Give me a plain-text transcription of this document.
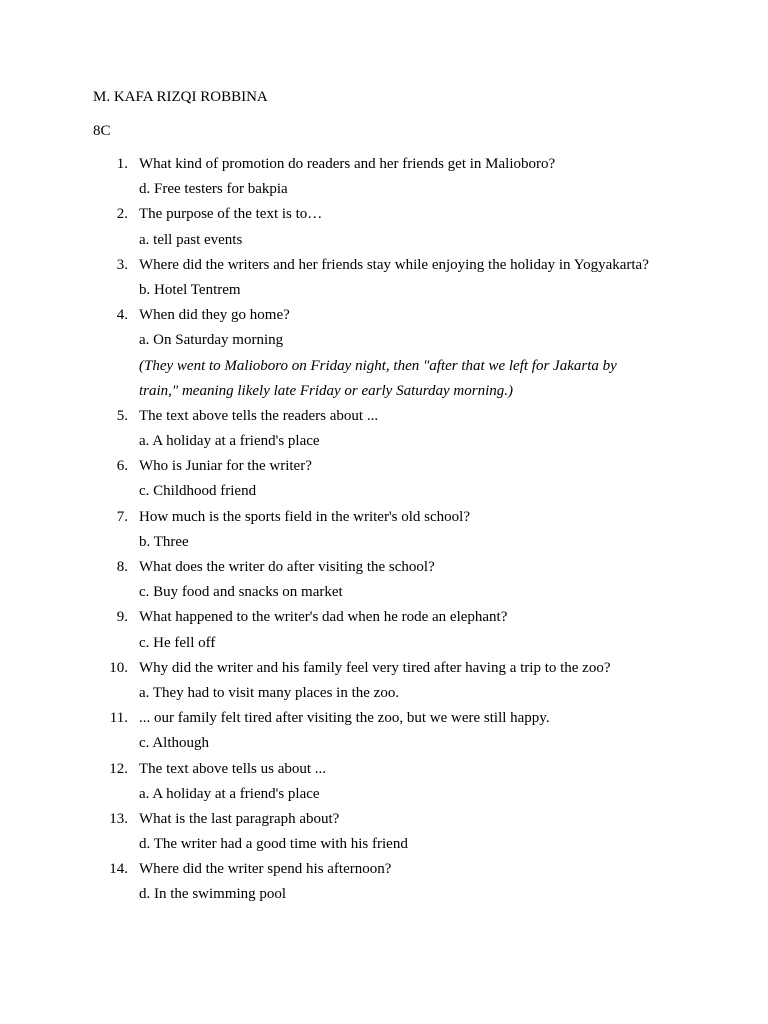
M. KAFA RIZQI ROBBINA
8C
1. What kind of promotion do readers and her friends get in Malioboro?
d. Free testers for bakpia
2. The purpose of the text is to…
a. tell past events
3. Where did the writers and her friends stay while enjoying the holiday in Yogyakarta?
b. Hotel Tentrem
4. When did they go home?
a. On Saturday morning
(They went to Malioboro on Friday night, then "after that we left for Jakarta by
train," meaning likely late Friday or early Saturday morning.)
5. The text above tells the readers about ...
a. A holiday at a friend's place
6. Who is Juniar for the writer?
c. Childhood friend
7. How much is the sports field in the writer's old school?
b. Three
8. What does the writer do after visiting the school?
c. Buy food and snacks on market
9. What happened to the writer's dad when he rode an elephant?
c. He fell off
10. Why did the writer and his family feel very tired after having a trip to the zoo?
a. They had to visit many places in the zoo.
11. ... our family felt tired after visiting the zoo, but we were still happy.
c. Although
12. The text above tells us about ...
a. A holiday at a friend's place
13. What is the last paragraph about?
d. The writer had a good time with his friend
14. Where did the writer spend his afternoon?
d. In the swimming pool
